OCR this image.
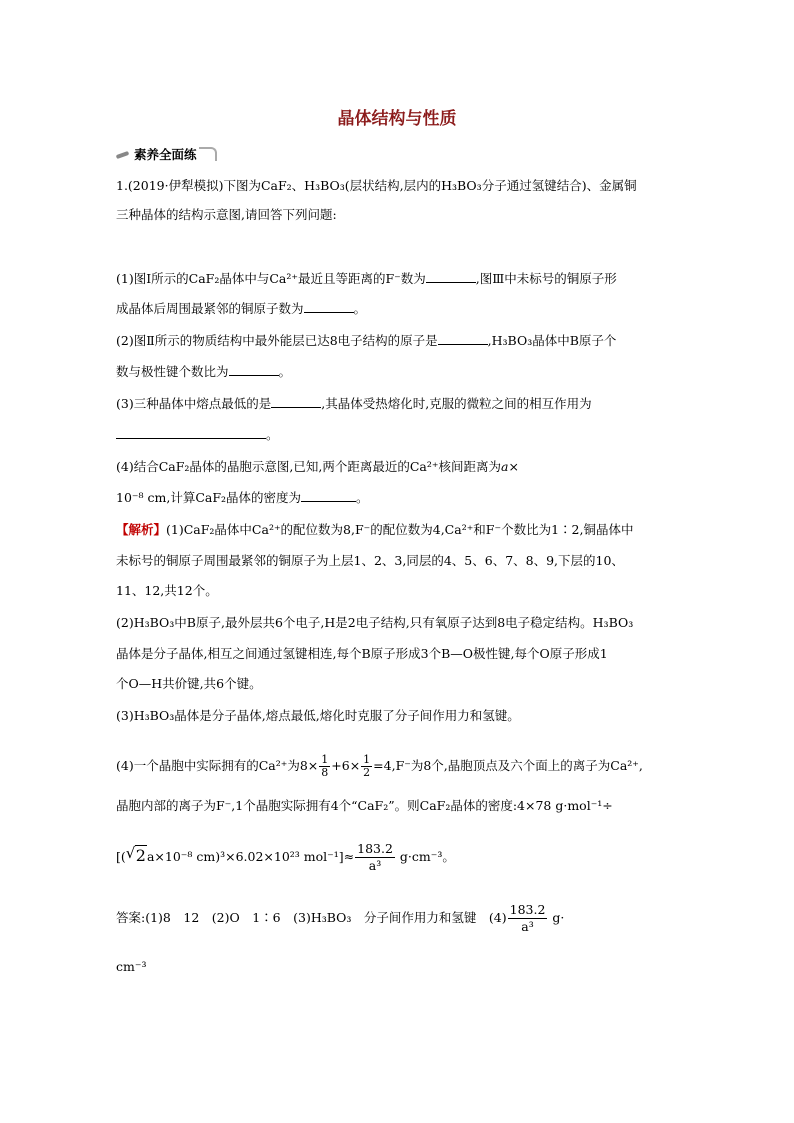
晶体结构与性质
素养全面练
1.(2019·伊犁模拟)下图为CaF₂、H₃BO₃(层状结构,层内的H₃BO₃分子通过氢键结合)、金属铜
三种晶体的结构示意图,请回答下列问题:
(1)图Ⅰ所示的CaF₂晶体中与Ca²⁺最近且等距离的F⁻数为	,图Ⅲ中未标号的铜原子形
成晶体后周围最紧邻的铜原子数为	。
(2)图Ⅱ所示的物质结构中最外能层已达8电子结构的原子是	,H₃BO₃晶体中B原子个
数与极性键个数比为	。
(3)三种晶体中熔点最低的是	,其晶体受热熔化时,克服的微粒之间的相互作用为
。
(4)结合CaF₂晶体的晶胞示意图,已知,两个距离最近的Ca²⁺核间距离为a×
10⁻⁸ cm,计算CaF₂晶体的密度为	。
【解析】(1)CaF₂晶体中Ca²⁺的配位数为8,F⁻的配位数为4,Ca²⁺和F⁻个数比为1∶2,铜晶体中
未标号的铜原子周围最紧邻的铜原子为上层1、2、3,同层的4、5、6、7、8、9,下层的10、
11、12,共12个。
(2)H₃BO₃中B原子,最外层共6个电子,H是2电子结构,只有氧原子达到8电子稳定结构。H₃BO₃
晶体是分子晶体,相互之间通过氢键相连,每个B原子形成3个B—O极性键,每个O原子形成1
个O—H共价键,共6个键。
(3)H₃BO₃晶体是分子晶体,熔点最低,熔化时克服了分子间作用力和氢键。
(4)一个晶胞中实际拥有的Ca²⁺为$8\times \frac{1}{8} +6\times \frac{1}{2} =4,F^-$为8个,晶胞顶点及六个面上的离子为Ca²⁺,
晶胞内部的离子为F⁻,1个晶胞实际拥有4个“CaF₂”。则CaF₂晶体的密度:4×78 g·mol⁻¹÷
[( √ 2a×10⁻⁸ cm)³×6.02×10²³ $mol^{-1}]\approx \frac{183.2}{\text{a³}} g\cdot cm^{-3}$。
答案:(1)8　12　(2)O　1∶6　(3)H₃BO₃　分子间作用力和氢键　$(4) \frac{183.2}{\text{a³}} g\cdot$
cm⁻³
